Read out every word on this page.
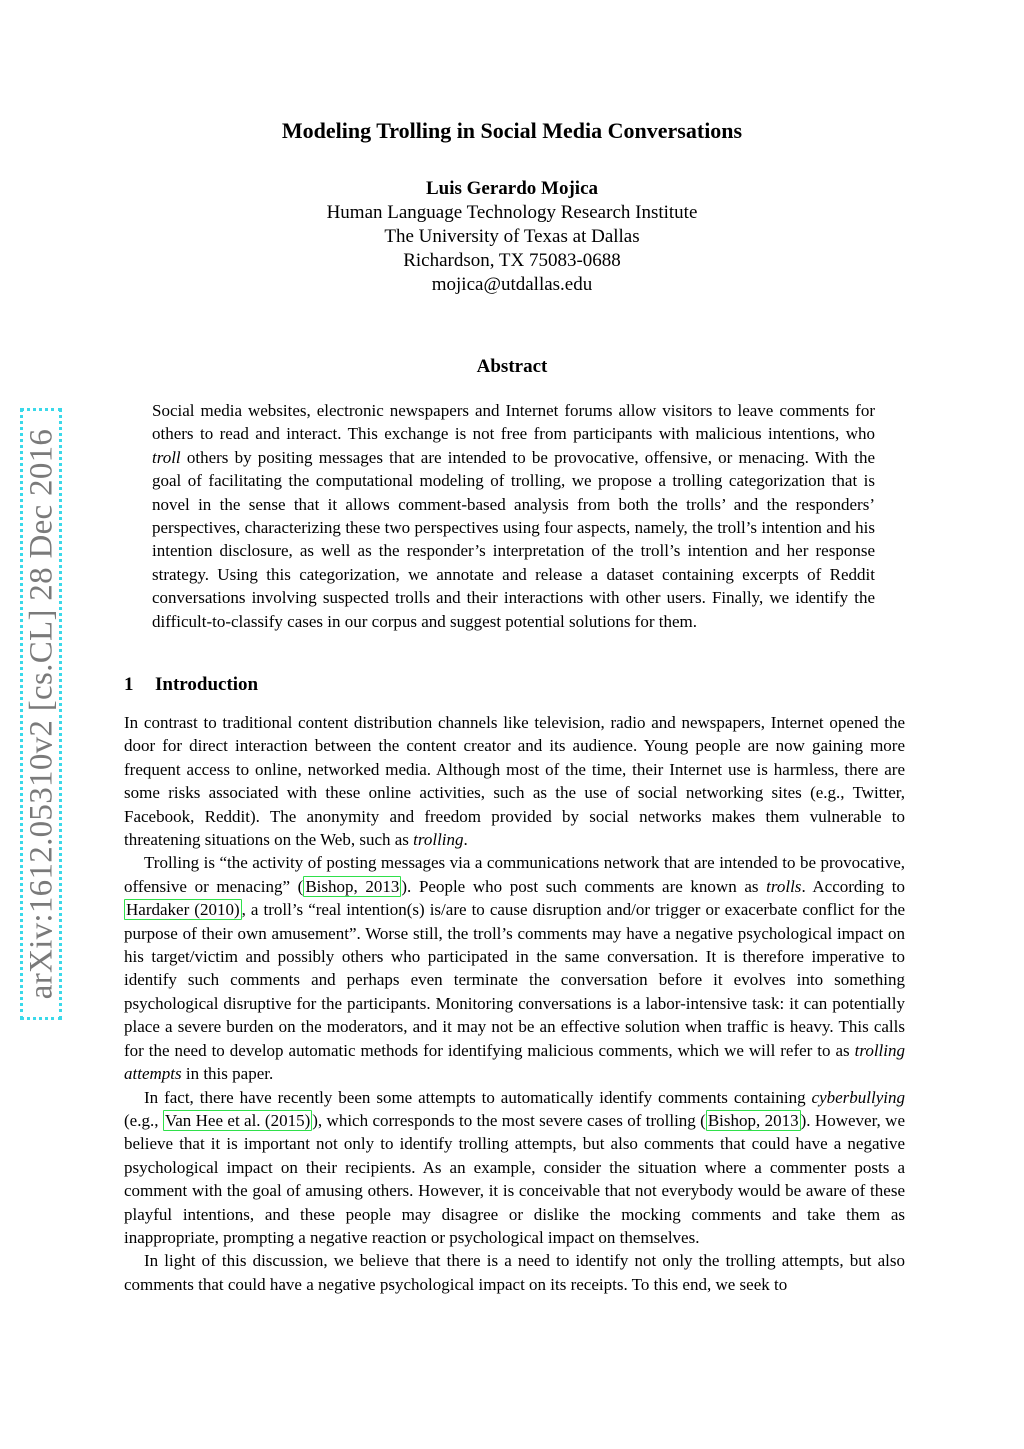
arXiv:1612.05310v2 [cs.CL] 28 Dec 2016
Modeling Trolling in Social Media Conversations
Luis Gerardo Mojica
Human Language Technology Research Institute
The University of Texas at Dallas
Richardson, TX 75083-0688
mojica@utdallas.edu
Abstract

Social media websites, electronic newspapers and Internet forums allow visitors to leave comments for others to read and interact. This exchange is not free from participants with malicious intentions, who troll others by positing messages that are intended to be provocative, offensive, or menacing. With the goal of facilitating the computational modeling of trolling, we propose a trolling categorization that is novel in the sense that it allows comment-based analysis from both the trolls’ and the responders’ perspectives, characterizing these two perspectives using four aspects, namely, the troll’s intention and his intention disclosure, as well as the responder’s interpretation of the troll’s intention and her response strategy. Using this categorization, we annotate and release a dataset containing excerpts of Reddit conversations involving suspected trolls and their interactions with other users. Finally, we identify the difficult-to-classify cases in our corpus and suggest potential solutions for them.

1 Introduction

In contrast to traditional content distribution channels like television, radio and newspapers, Internet opened the door for direct interaction between the content creator and its audience. Young people are now gaining more frequent access to online, networked media. Although most of the time, their Internet use is harmless, there are some risks associated with these online activities, such as the use of social networking sites (e.g., Twitter, Facebook, Reddit). The anonymity and freedom provided by social networks makes them vulnerable to threatening situations on the Web, such as trolling.

Trolling is “the activity of posting messages via a communications network that are intended to be provocative, offensive or menacing” ( Bishop, 2013 ). People who post such comments are known as trolls. According to Hardaker (2010) , a troll’s “real intention(s) is/are to cause disruption and/or trigger or exacerbate conflict for the purpose of their own amusement”. Worse still, the troll’s comments may have a negative psychological impact on his target/victim and possibly others who participated in the same conversation. It is therefore imperative to identify such comments and perhaps even terminate the conversation before it evolves into something psychological disruptive for the participants. Monitoring conversations is a labor-intensive task: it can potentially place a severe burden on the moderators, and it may not be an effective solution when traffic is heavy. This calls for the need to develop automatic methods for identifying malicious comments, which we will refer to as trolling attempts in this paper.

In fact, there have recently been some attempts to automatically identify comments containing cyberbullying (e.g., Van Hee et al. (2015) ), which corresponds to the most severe cases of trolling ( Bishop, 2013 ). However, we believe that it is important not only to identify trolling attempts, but also comments that could have a negative psychological impact on their recipients. As an example, consider the situation where a commenter posts a comment with the goal of amusing others. However, it is conceivable that not everybody would be aware of these playful intentions, and these people may disagree or dislike the mocking comments and take them as inappropriate, prompting a negative reaction or psychological impact on themselves.

In light of this discussion, we believe that there is a need to identify not only the trolling attempts, but also comments that could have a negative psychological impact on its receipts. To this end, we seek to
